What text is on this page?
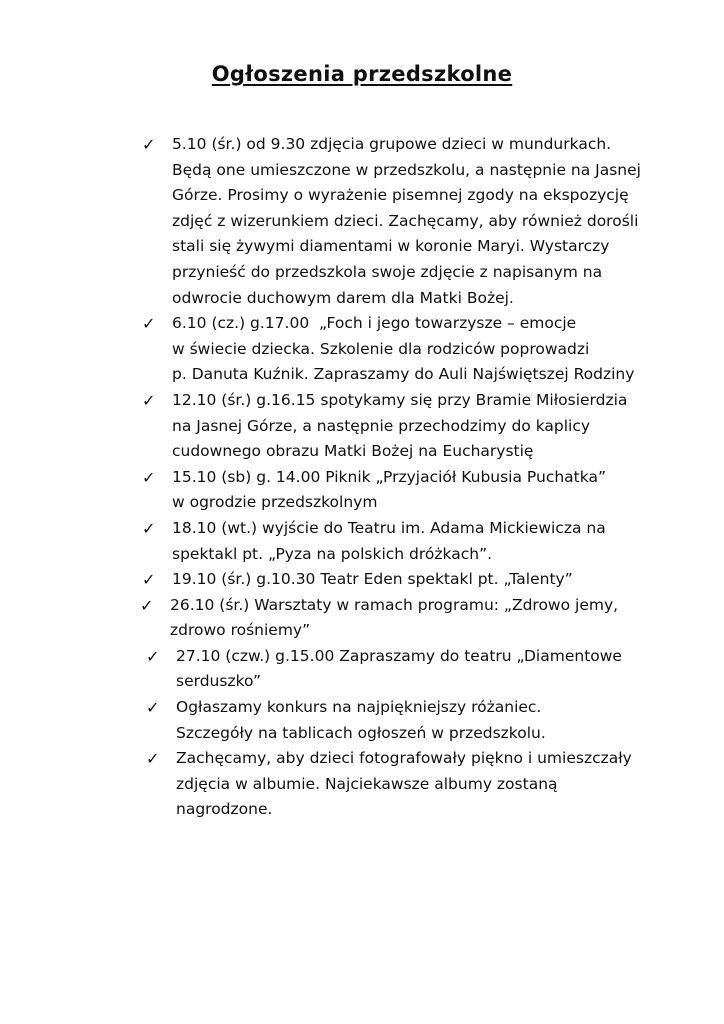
Ogłoszenia przedszkolne
✓ 5.10 (śr.) od 9.30 zdjęcia grupowe dzieci w mundurkach.
Będą one umieszczone w przedszkolu, a następnie na Jasnej
Górze. Prosimy o wyrażenie pisemnej zgody na ekspozycję
zdjęć z wizerunkiem dzieci. Zachęcamy, aby również dorośli
stali się żywymi diamentami w koronie Maryi. Wystarczy
przynieść do przedszkola swoje zdjęcie z napisanym na
odwrocie duchowym darem dla Matki Bożej.
✓ 6.10 (cz.) g.17.00  „Foch i jego towarzysze – emocje
w świecie dziecka. Szkolenie dla rodziców poprowadzi
p. Danuta Kuźnik. Zapraszamy do Auli Najświętszej Rodziny
✓ 12.10 (śr.) g.16.15 spotykamy się przy Bramie Miłosierdzia
na Jasnej Górze, a następnie przechodzimy do kaplicy
cudownego obrazu Matki Bożej na Eucharystię
✓ 15.10 (sb) g. 14.00 Piknik „Przyjaciół Kubusia Puchatka”
w ogrodzie przedszkolnym
✓ 18.10 (wt.) wyjście do Teatru im. Adama Mickiewicza na
spektakl pt. „Pyza na polskich dróżkach”.
✓ 19.10 (śr.) g.10.30 Teatr Eden spektakl pt. „Talenty”
✓ 26.10 (śr.) Warsztaty w ramach programu: „Zdrowo jemy,
zdrowo rośniemy”
✓ 27.10 (czw.) g.15.00 Zapraszamy do teatru „Diamentowe
serduszko”
✓ Ogłaszamy konkurs na najpiękniejszy różaniec.
Szczegóły na tablicach ogłoszeń w przedszkolu.
✓ Zachęcamy, aby dzieci fotografowały piękno i umieszczały
zdjęcia w albumie. Najciekawsze albumy zostaną
nagrodzone.
